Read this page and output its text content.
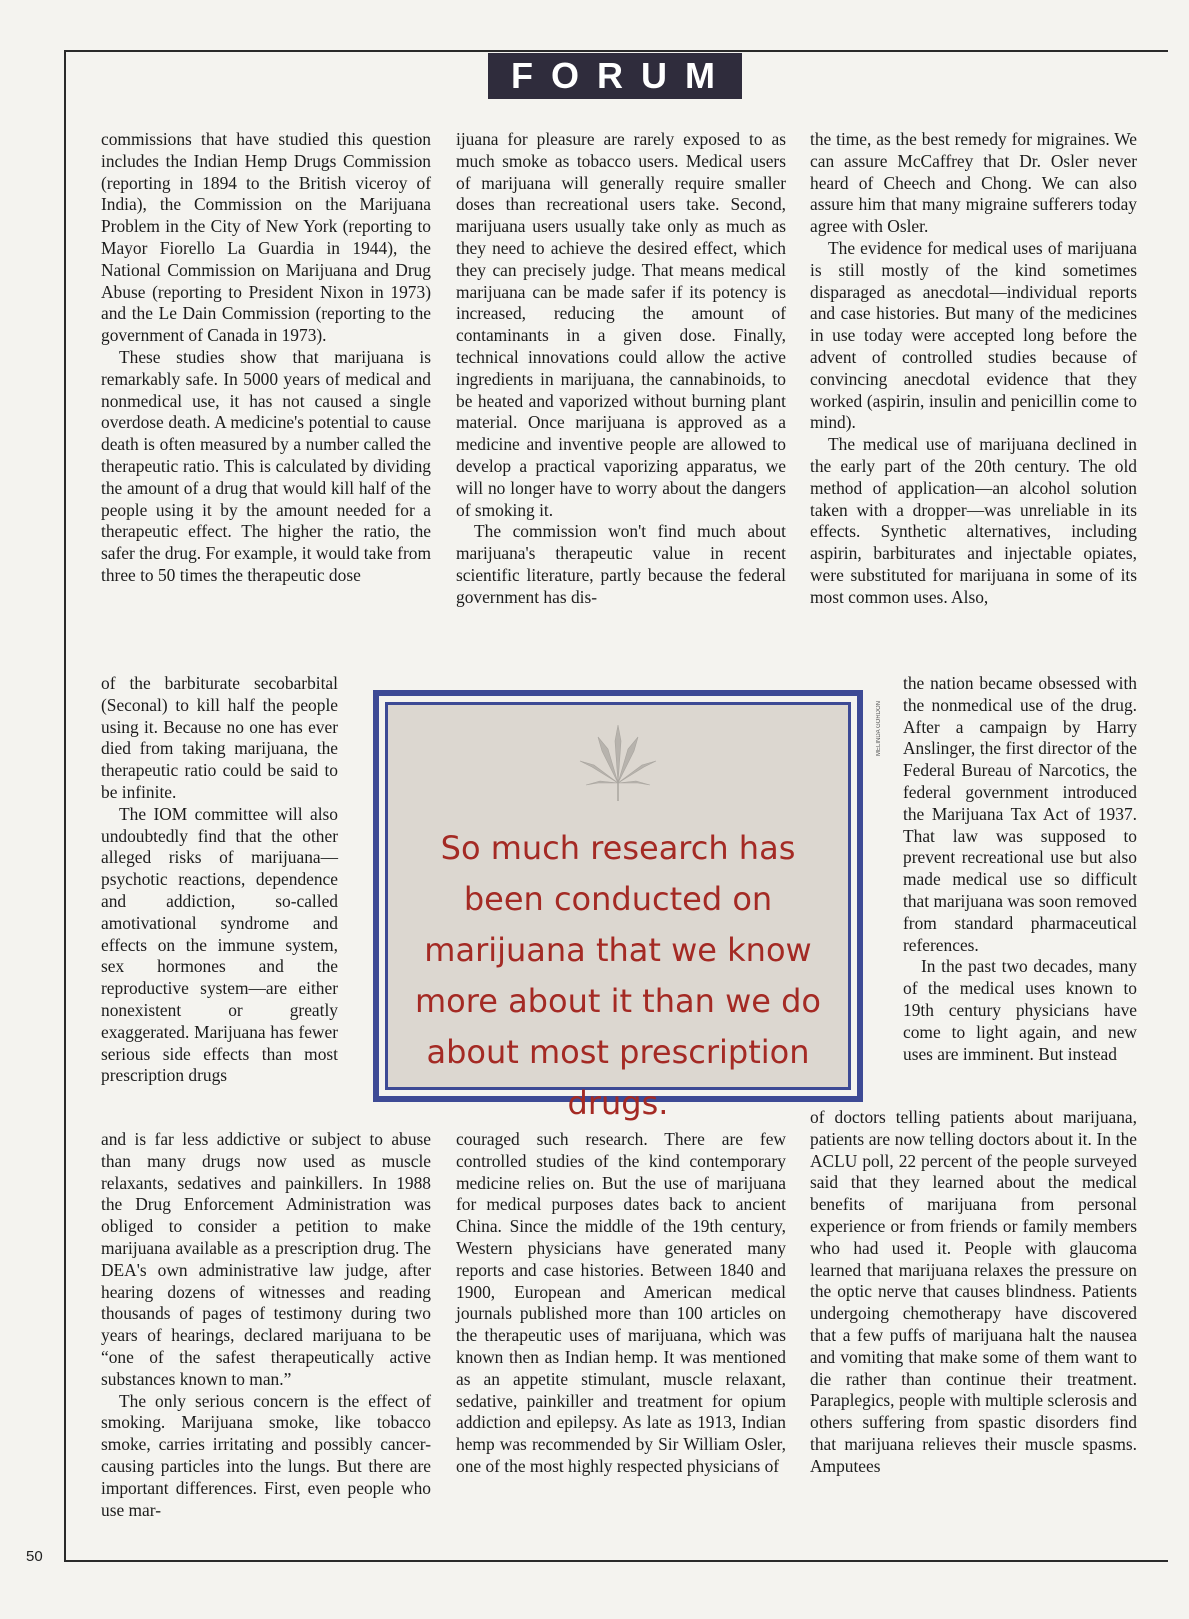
FORUM

commissions that have studied this question includes the Indian Hemp Drugs Commission (reporting in 1894 to the British viceroy of India), the Commission on the Marijuana Problem in the City of New York (reporting to Mayor Fiorello La Guardia in 1944), the National Commission on Marijuana and Drug Abuse (reporting to President Nixon in 1973) and the Le Dain Commission (reporting to the government of Canada in 1973).

These studies show that marijuana is remarkably safe. In 5000 years of medical and nonmedical use, it has not caused a single overdose death. A medicine's potential to cause death is often measured by a number called the therapeutic ratio. This is calculated by dividing the amount of a drug that would kill half of the people using it by the amount needed for a therapeutic effect. The higher the ratio, the safer the drug. For example, it would take from three to 50 times the therapeutic dose

of the barbiturate secobarbital (Seconal) to kill half the people using it. Because no one has ever died from taking marijuana, the therapeutic ratio could be said to be infinite.

The IOM committee will also undoubtedly find that the other alleged risks of marijuana—psychotic reactions, dependence and addiction, so-called amotivational syndrome and effects on the immune system, sex hormones and the reproductive system—are either nonexistent or greatly exaggerated. Marijuana has fewer serious side effects than most prescription drugs

and is far less addictive or subject to abuse than many drugs now used as muscle relaxants, sedatives and painkillers. In 1988 the Drug Enforcement Administration was obliged to consider a petition to make marijuana available as a prescription drug. The DEA's own administrative law judge, after hearing dozens of witnesses and reading thousands of pages of testimony during two years of hearings, declared marijuana to be “one of the safest therapeutically active substances known to man.”

The only serious concern is the effect of smoking. Marijuana smoke, like tobacco smoke, carries irritating and possibly cancer-causing particles into the lungs. But there are important differences. First, even people who use mar-

ijuana for pleasure are rarely exposed to as much smoke as tobacco users. Medical users of marijuana will generally require smaller doses than recreational users take. Second, marijuana users usually take only as much as they need to achieve the desired effect, which they can precisely judge. That means medical marijuana can be made safer if its potency is increased, reducing the amount of contaminants in a given dose. Finally, technical innovations could allow the active ingredients in marijuana, the cannabinoids, to be heated and vaporized without burning plant material. Once marijuana is approved as a medicine and inventive people are allowed to develop a practical vaporizing apparatus, we will no longer have to worry about the dangers of smoking it.

The commission won't find much about marijuana's therapeutic value in recent scientific literature, partly because the federal government has dis-

couraged such research. There are few controlled studies of the kind contemporary medicine relies on. But the use of marijuana for medical purposes dates back to ancient China. Since the middle of the 19th century, Western physicians have generated many reports and case histories. Between 1840 and 1900, European and American medical journals published more than 100 articles on the therapeutic uses of marijuana, which was known then as Indian hemp. It was mentioned as an appetite stimulant, muscle relaxant, sedative, painkiller and treatment for opium addiction and epilepsy. As late as 1913, Indian hemp was recommended by Sir William Osler, one of the most highly respected physicians of

the time, as the best remedy for migraines. We can assure McCaffrey that Dr. Osler never heard of Cheech and Chong. We can also assure him that many migraine sufferers today agree with Osler.

The evidence for medical uses of marijuana is still mostly of the kind sometimes disparaged as anecdotal—individual reports and case histories. But many of the medicines in use today were accepted long before the advent of controlled studies because of convincing anecdotal evidence that they worked (aspirin, insulin and penicillin come to mind).

The medical use of marijuana declined in the early part of the 20th century. The old method of application—an alcohol solution taken with a dropper—was unreliable in its effects. Synthetic alternatives, including aspirin, barbiturates and injectable opiates, were substituted for marijuana in some of its most common uses. Also,

the nation became obsessed with the nonmedical use of the drug. After a campaign by Harry Anslinger, the first director of the Federal Bureau of Narcotics, the federal government introduced the Marijuana Tax Act of 1937. That law was supposed to prevent recreational use but also made medical use so difficult that marijuana was soon removed from standard pharmaceutical references.

In the past two decades, many of the medical uses known to 19th century physicians have come to light again, and new uses are imminent. But instead

of doctors telling patients about marijuana, patients are now telling doctors about it. In the ACLU poll, 22 percent of the people surveyed said that they learned about the medical benefits of marijuana from personal experience or from friends or family members who had used it. People with glaucoma learned that marijuana relaxes the pressure on the optic nerve that causes blindness. Patients undergoing chemotherapy have discovered that a few puffs of marijuana halt the nausea and vomiting that make some of them want to die rather than continue their treatment. Paraplegics, people with multiple sclerosis and others suffering from spastic disorders find that marijuana relieves their muscle spasms. Amputees

So much research has been conducted on marijuana that we know more about it than we do about most prescription drugs.
MELINDA GORDON
50
